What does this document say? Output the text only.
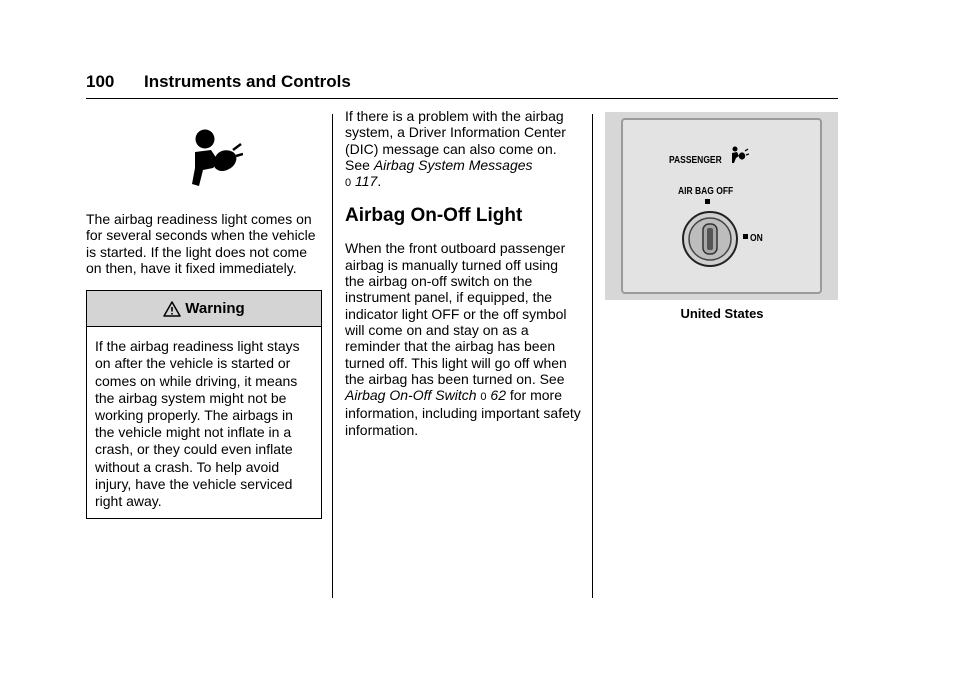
100 Instruments and Controls

The airbag readiness light comes on for several seconds when the vehicle is started. If the light does not come on then, have it fixed immediately.

Warning
If the airbag readiness light stays on after the vehicle is started or comes on while driving, it means the airbag system might not be working properly. The airbags in the vehicle might not inflate in a crash, or they could even inflate without a crash. To help avoid injury, have the vehicle serviced right away.

If there is a problem with the airbag system, a Driver Information Center (DIC) message can also come on. See Airbag System Messages
0 117.

Airbag On-Off Light

When the front outboard passenger airbag is manually turned off using the airbag on-off switch on the instrument panel, if equipped, the indicator light OFF or the off symbol will come on and stay on as a reminder that the airbag has been turned off. This light will go off when the airbag has been turned on. See Airbag On-Off Switch 0 62 for more information, including important safety information.

PASSENGER
AIR BAG OFF
ON
United States
